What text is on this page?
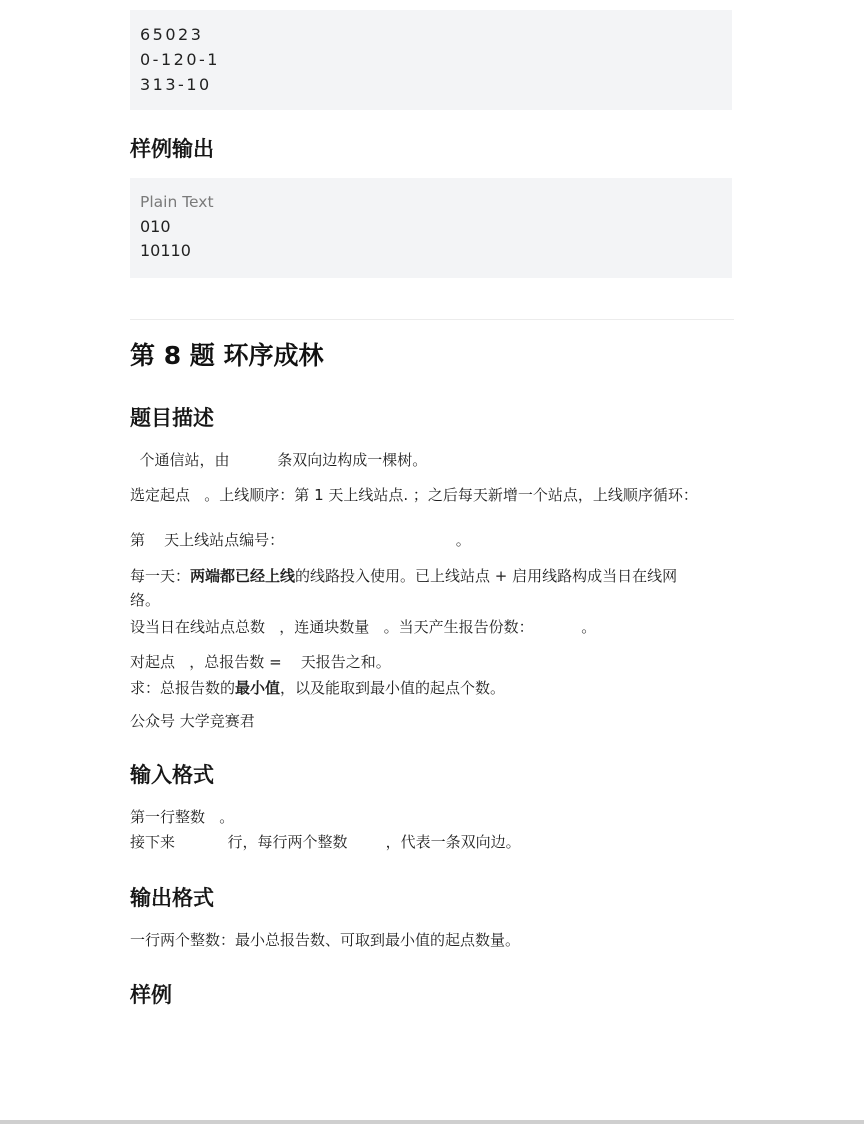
65023
0-120-1
313-10
样例输出
Plain Text
010
10110
第 8 题 环序成林
题目描述
个通信站，由          条双向边构成一棵树。
选定起点   。上线顺序：第 1 天上线站点. ；之后每天新增一个站点，上线顺序循环：
第    天上线站点编号：                                    。
每一天：两端都已经上线的线路投入使用。已上线站点 + 启用线路构成当日在线网
络。
设当日在线站点总数   ，连通块数量   。当天产生报告份数：          。
对起点   ，总报告数 =    天报告之和。
求：总报告数的最小值，以及能取到最小值的起点个数。
公众号 大学竞赛君
输入格式
第一行整数   。
接下来           行，每行两个整数        ，代表一条双向边。
输出格式
一行两个整数：最小总报告数、可取到最小值的起点数量。
样例
